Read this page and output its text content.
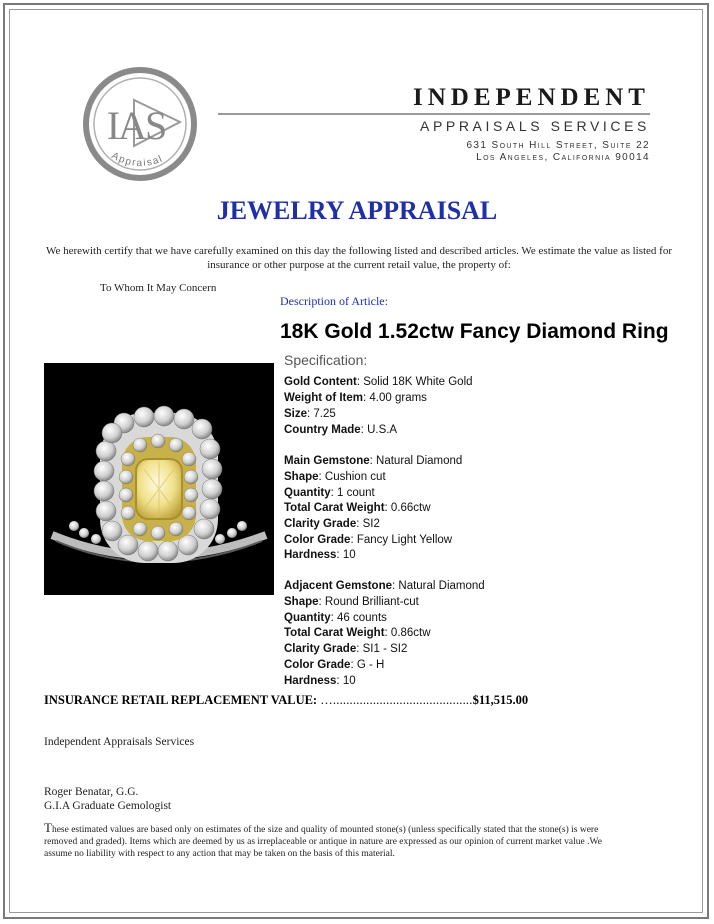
IAS
Appraisal
INDEPENDENT
APPRAISALS SERVICES
631 South Hill Street, Suite 22
Los Angeles, California 90014
JEWELRY APPRAISAL
We herewith certify that we have carefully examined on this day the following listed and described articles. We estimate the value as listed for insurance or other purpose at the current retail value, the property of:
To Whom It May Concern
Description of Article:
18K Gold 1.52ctw Fancy Diamond Ring
Specification:
Gold Content: Solid 18K White Gold
Weight of Item: 4.00 grams
Size: 7.25
Country Made: U.S.A
Main Gemstone: Natural Diamond
Shape: Cushion cut
Quantity: 1 count
Total Carat Weight: 0.66ctw
Clarity Grade: SI2
Color Grade: Fancy Light Yellow
Hardness: 10
Adjacent Gemstone: Natural Diamond
Shape: Round Brilliant-cut
Quantity: 46 counts
Total Carat Weight: 0.86ctw
Clarity Grade: SI1 - SI2
Color Grade: G - H
Hardness: 10
INSURANCE RETAIL REPLACEMENT VALUE: …..........................................$11,515.00
Independent Appraisals Services
Roger Benatar, G.G.
G.I.A Graduate Gemologist
These estimated values are based only on estimates of the size and quality of mounted stone(s) (unless specifically stated that the stone(s) is were removed and graded). Items which are deemed by us as irreplaceable or antique in nature are expressed as our opinion of current market value .We assume no liability with respect to any action that may be taken on the basis of this material.
